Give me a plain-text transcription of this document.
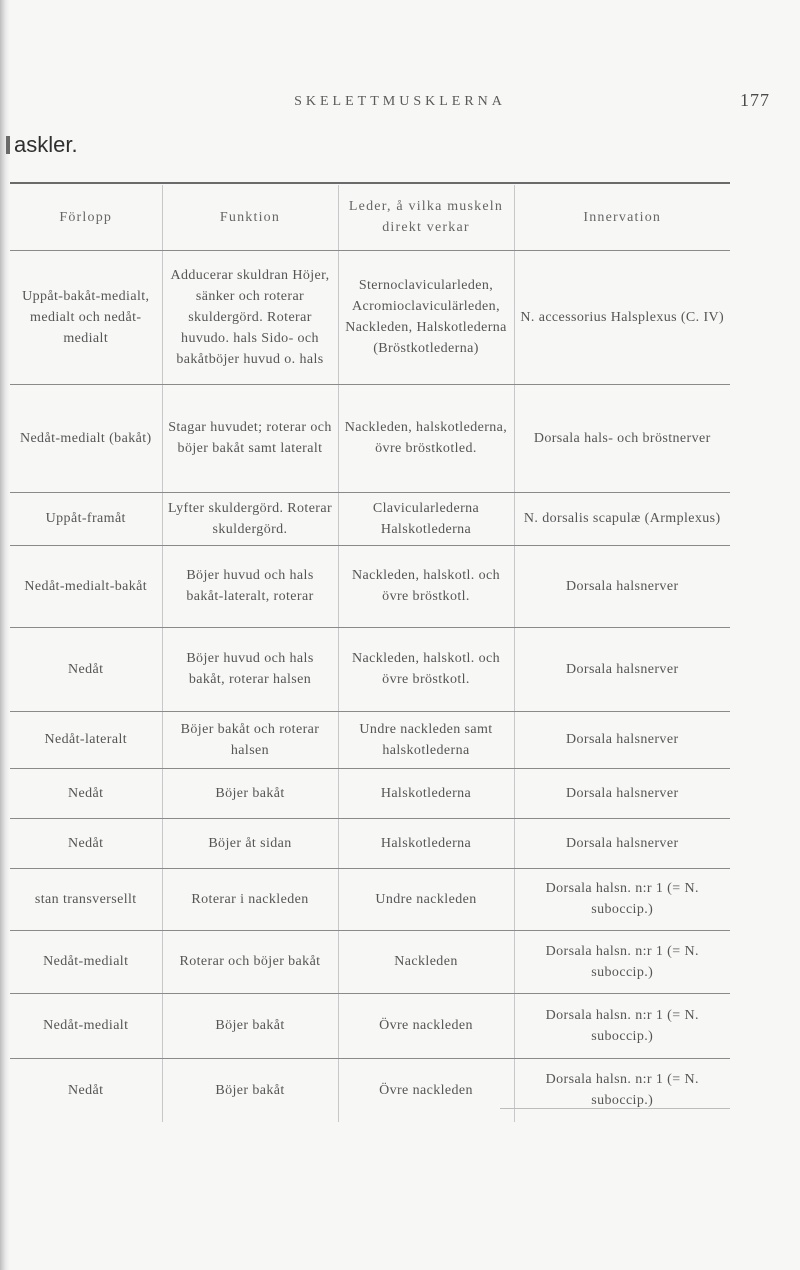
SKELETTMUSKLERNA	177
askler.
Förlopp	Funktion	Leder, å vilka muskeln direkt verkar	Innervation
Uppåt-bakåt-medialt, medialt och nedåt-medialt	Adducerar skuldran Höjer, sänker och roterar skuldergörd. Roterar huvudo. hals Sido- och bakåtböjer huvud o. hals	Sternoclavicularleden, Acromioclaviculärleden, Nackleden, Halskotlederna (Bröstkotlederna)	N. accessorius Halsplexus (C. IV)
Nedåt-medialt (bakåt)	Stagar huvudet; roterar och böjer bakåt samt lateralt	Nackleden, halskotlederna, övre bröstkotled.	Dorsala hals- och bröstnerver
Uppåt-framåt	Lyfter skuldergörd. Roterar skuldergörd.	Clavicularlederna Halskotlederna	N. dorsalis scapulæ (Armplexus)
Nedåt-medialt-bakåt	Böjer huvud och hals bakåt-lateralt, roterar	Nackleden, halskotl. och övre bröstkotl.	Dorsala halsnerver
Nedåt	Böjer huvud och hals bakåt, roterar halsen	Nackleden, halskotl. och övre bröstkotl.	Dorsala halsnerver
Nedåt-lateralt	Böjer bakåt och roterar halsen	Undre nackleden samt halskotlederna	Dorsala halsnerver
Nedåt	Böjer bakåt	Halskotlederna	Dorsala halsnerver
Nedåt	Böjer åt sidan	Halskotlederna	Dorsala halsnerver
stan transversellt	Roterar i nackleden	Undre nackleden	Dorsala halsn. n:r 1 (= N. suboccip.)
Nedåt-medialt	Roterar och böjer bakåt	Nackleden	Dorsala halsn. n:r 1 (= N. suboccip.)
Nedåt-medialt	Böjer bakåt	Övre nackleden	Dorsala halsn. n:r 1 (= N. suboccip.)
Nedåt	Böjer bakåt	Övre nackleden	Dorsala halsn. n:r 1 (= N. suboccip.)
